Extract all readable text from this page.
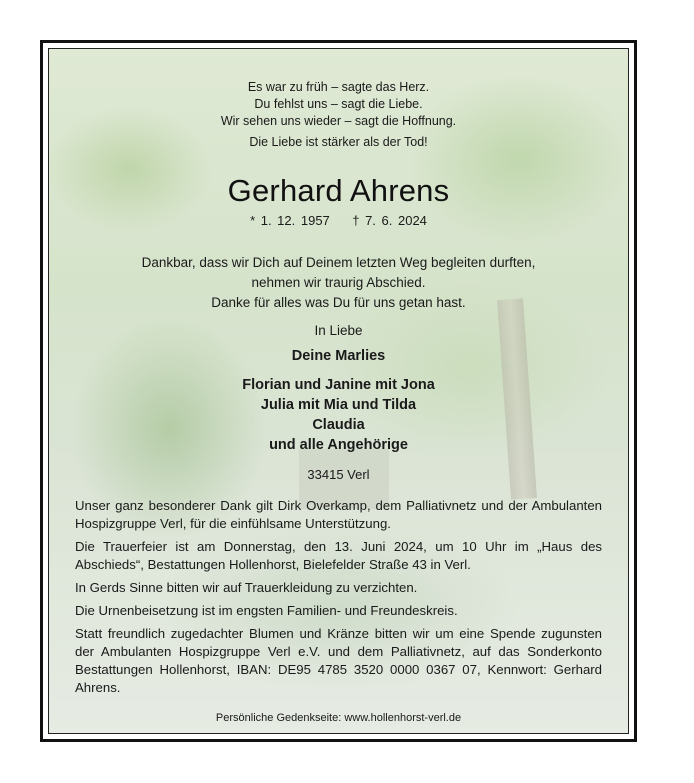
Es war zu früh – sagte das Herz.
Du fehlst uns – sagt die Liebe.
Wir sehen uns wieder – sagt die Hoffnung.
Die Liebe ist stärker als der Tod!
Gerhard Ahrens
* 1. 12. 1957    † 7. 6. 2024
Dankbar, dass wir Dich auf Deinem letzten Weg begleiten durften,
nehmen wir traurig Abschied.
Danke für alles was Du für uns getan hast.
In Liebe
Deine Marlies
Florian und Janine mit Jona
Julia mit Mia und Tilda
Claudia
und alle Angehörige
33415 Verl

Unser ganz besonderer Dank gilt Dirk Overkamp, dem Palliativnetz und der Ambulanten Hospizgruppe Verl, für die einfühlsame Unterstützung.

Die Trauerfeier ist am Donnerstag, den 13. Juni 2024, um 10 Uhr im „Haus des Abschieds“, Bestattungen Hollenhorst, Bielefelder Straße 43 in Verl.

In Gerds Sinne bitten wir auf Trauerkleidung zu verzichten.

Die Urnenbeisetzung ist im engsten Familien- und Freundeskreis.

Statt freundlich zugedachter Blumen und Kränze bitten wir um eine Spende zugunsten der Ambulanten Hospizgruppe Verl e.V. und dem Palliativnetz, auf das Sonderkonto Bestattungen Hollenhorst, IBAN: DE95 4785 3520 0000 0367 07, Kennwort: Gerhard Ahrens.

Persönliche Gedenkseite: www.hollenhorst-verl.de
